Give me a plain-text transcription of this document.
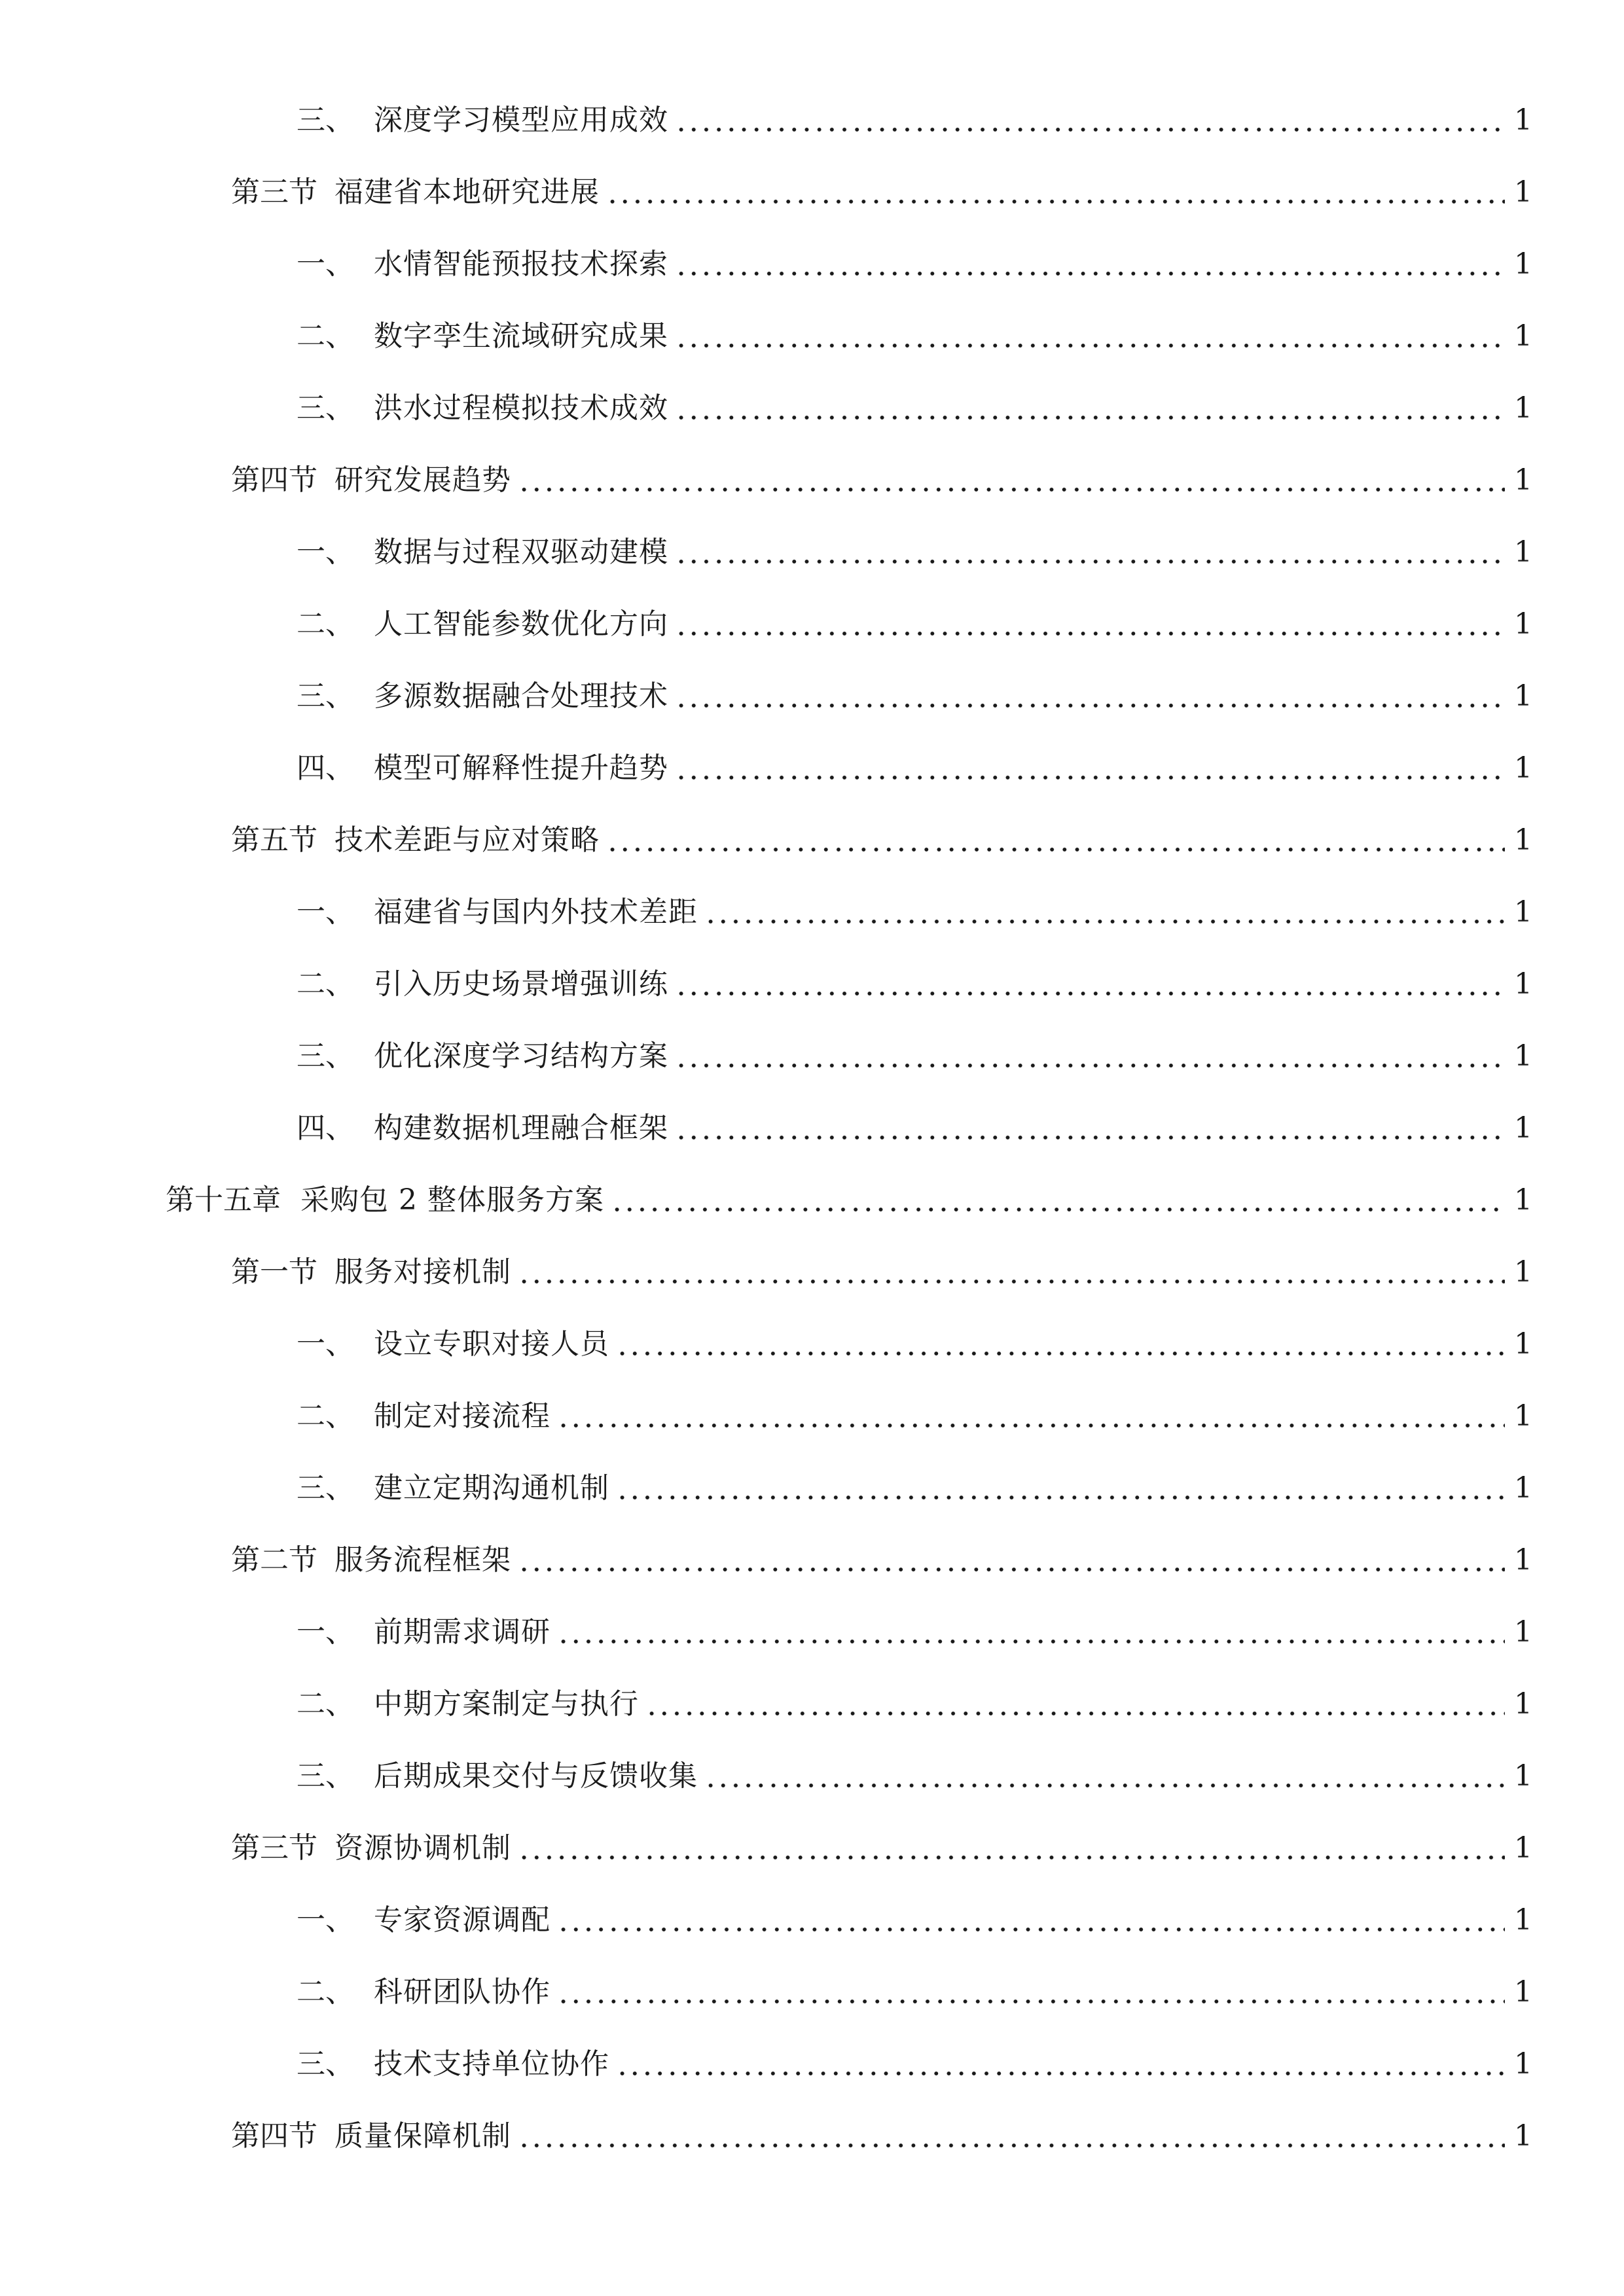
三、 深度学习模型应用成效	1
第三节 福建省本地研究进展	1
一、 水情智能预报技术探索	1
二、 数字孪生流域研究成果	1
三、 洪水过程模拟技术成效	1
第四节 研究发展趋势	1
一、 数据与过程双驱动建模	1
二、 人工智能参数优化方向	1
三、 多源数据融合处理技术	1
四、 模型可解释性提升趋势	1
第五节 技术差距与应对策略	1
一、 福建省与国内外技术差距	1
二、 引入历史场景增强训练	1
三、 优化深度学习结构方案	1
四、 构建数据机理融合框架	1
第十五章 采购包 2 整体服务方案	1
第一节 服务对接机制	1
一、 设立专职对接人员	1
二、 制定对接流程	1
三、 建立定期沟通机制	1
第二节 服务流程框架	1
一、 前期需求调研	1
二、 中期方案制定与执行	1
三、 后期成果交付与反馈收集	1
第三节 资源协调机制	1
一、 专家资源调配	1
二、 科研团队协作	1
三、 技术支持单位协作	1
第四节 质量保障机制	1
